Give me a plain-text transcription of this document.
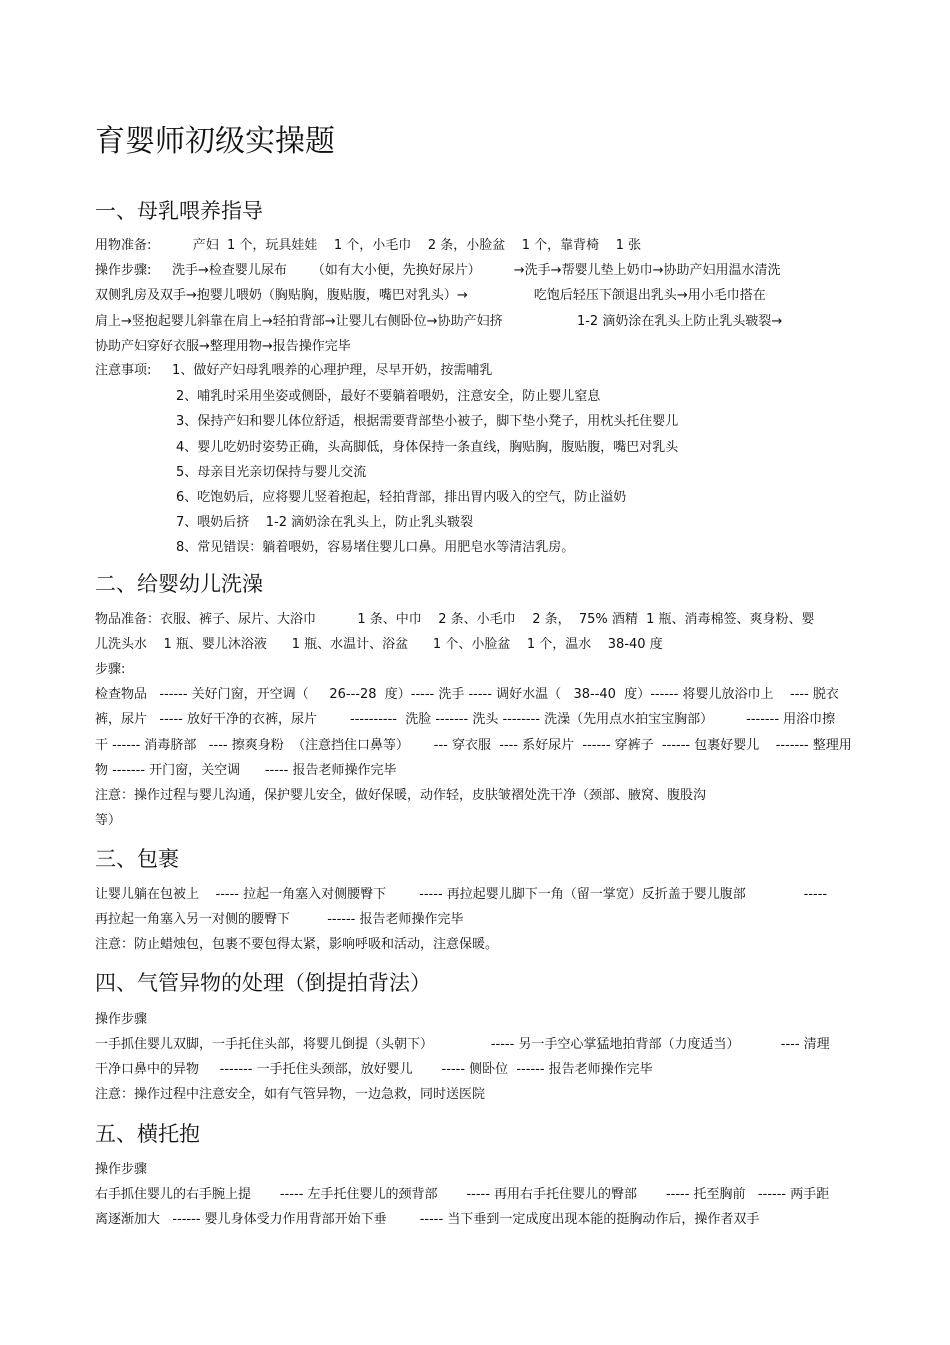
育婴师初级实操题
一、母乳喂养指导
用物准备:          产妇  1 个，玩具娃娃    1 个，小毛巾    2 条，小脸盆    1 个，靠背椅    1 张
操作步骤:     洗手→检查婴儿尿布      （如有大小便，先换好尿片）        →洗手→帮婴儿垫上奶巾→协助产妇用温水清洗
双侧乳房及双手→抱婴儿喂奶（胸贴胸，腹贴腹，嘴巴对乳头）→                吃饱后轻压下颌退出乳头→用小毛巾搭在
肩上→竖抱起婴儿斜靠在肩上→轻拍背部→让婴儿右侧卧位→协助产妇挤                  1-2 滴奶涂在乳头上防止乳头皲裂→
协助产妇穿好衣服→整理用物→报告操作完毕
注意事项:     1、做好产妇母乳喂养的心理护理，尽早开奶，按需哺乳
2、哺乳时采用坐姿或侧卧，最好不要躺着喂奶，注意安全，防止婴儿窒息
3、保持产妇和婴儿体位舒适，根据需要背部垫小被子，脚下垫小凳子，用枕头托住婴儿
4、婴儿吃奶时姿势正确，头高脚低，身体保持一条直线，胸贴胸，腹贴腹，嘴巴对乳头
5、母亲目光亲切保持与婴儿交流
6、吃饱奶后，应将婴儿竖着抱起，轻拍背部，排出胃内吸入的空气，防止溢奶
7、喂奶后挤    1-2 滴奶涂在乳头上，防止乳头皲裂
8、常见错误：躺着喂奶，容易堵住婴儿口鼻。用肥皂水等清洁乳房。
二、给婴幼儿洗澡
物品准备：衣服、裤子、尿片、大浴巾          1 条、中巾    2 条、小毛巾    2 条，  75% 酒精  1 瓶、消毒棉签、爽身粉、婴
儿洗头水    1 瓶、婴儿沐浴液      1 瓶、水温计、浴盆      1 个、小脸盆    1 个，温水    38-40 度
步骤:
检查物品   ------ 关好门窗，开空调（     26---28  度）----- 洗手 ----- 调好水温（   38--40  度）------ 将婴儿放浴巾上    ---- 脱衣
裤，尿片   ----- 放好干净的衣裤，尿片        ----------  洗脸 ------- 洗头 -------- 洗澡（先用点水拍宝宝胸部）        ------- 用浴巾擦
干 ------ 消毒脐部   ---- 擦爽身粉  （注意挡住口鼻等）      --- 穿衣服  ---- 系好尿片  ------ 穿裤子  ------ 包裹好婴儿    ------- 整理用
物 ------- 开门窗，关空调      ----- 报告老师操作完毕
注意：操作过程与婴儿沟通，保护婴儿安全，做好保暖，动作轻，皮肤皱褶处洗干净（颈部、腋窝、腹股沟
等）
三、包裹
让婴儿躺在包被上    ----- 拉起一角塞入对侧腰臀下        ----- 再拉起婴儿脚下一角（留一掌宽）反折盖于婴儿腹部              -----
再拉起一角塞入另一对侧的腰臀下         ------ 报告老师操作完毕
注意：防止蜡烛包，包裹不要包得太紧，影响呼吸和活动，注意保暖。
四、气管异物的处理（倒提拍背法）
操作步骤
一手抓住婴儿双脚，一手托住头部，将婴儿倒提（头朝下）              ----- 另一手空心掌猛地拍背部（力度适当）          ---- 清理
干净口鼻中的异物     ------- 一手托住头颈部，放好婴儿       ----- 侧卧位  ------ 报告老师操作完毕
注意：操作过程中注意安全，如有气管异物，一边急救，同时送医院
五、横托抱
操作步骤
右手抓住婴儿的右手腕上提       ----- 左手托住婴儿的颈背部       ----- 再用右手托住婴儿的臀部       ----- 托至胸前   ------ 两手距
离逐渐加大   ------ 婴儿身体受力作用背部开始下垂        ----- 当下垂到一定成度出现本能的挺胸动作后，操作者双手
